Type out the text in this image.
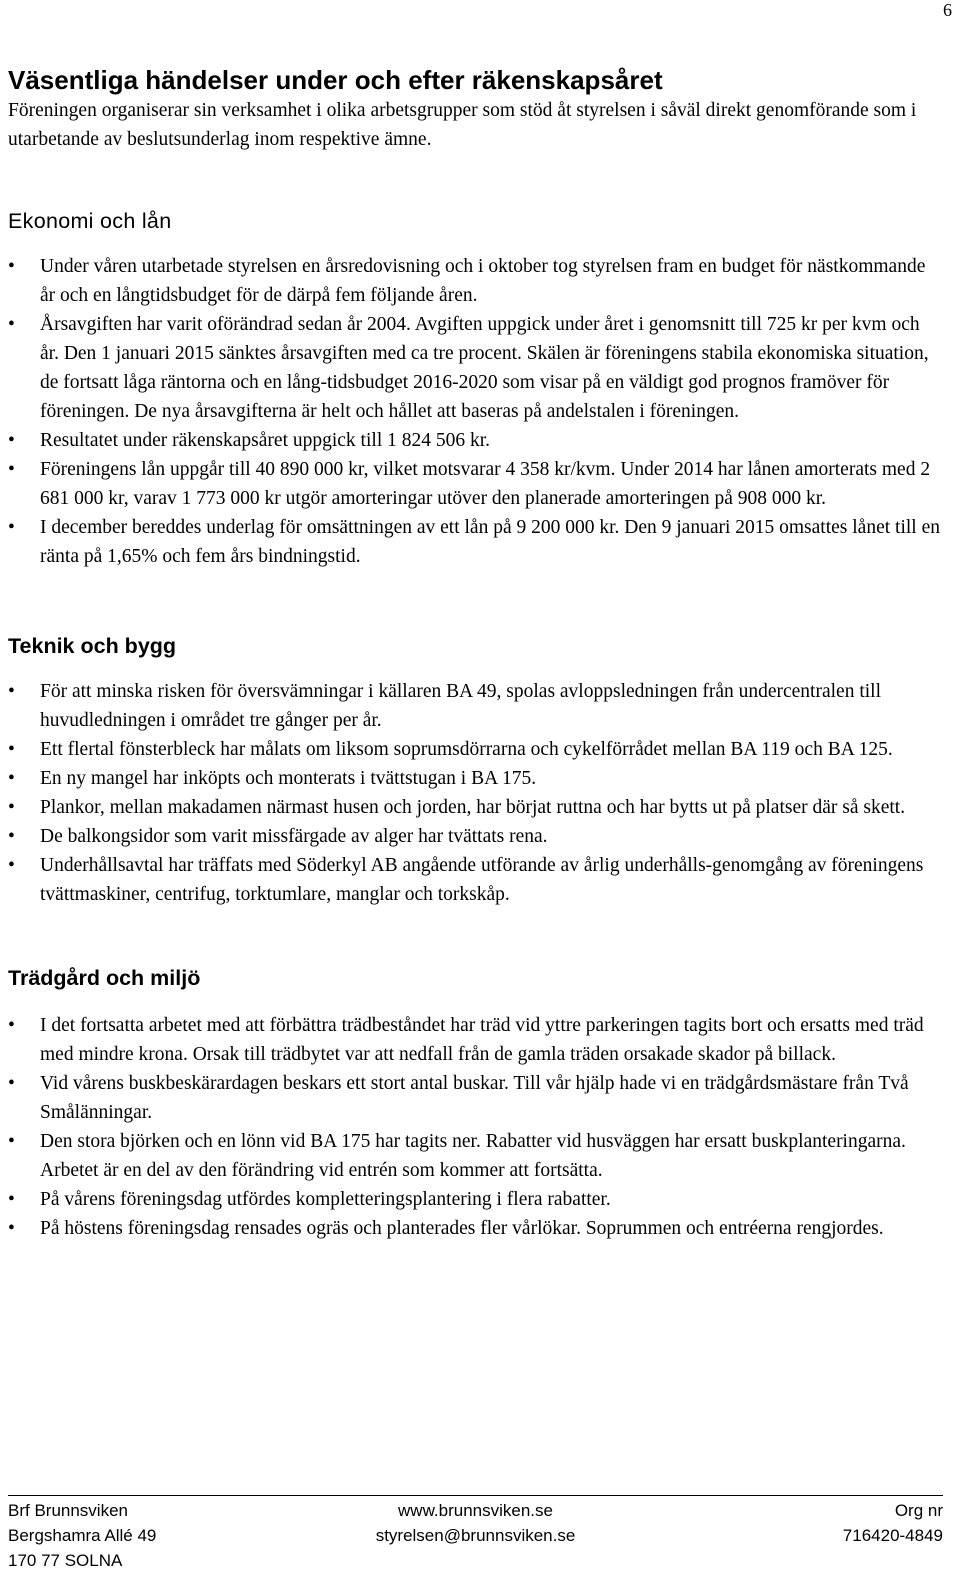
6
Väsentliga händelser under och efter räkenskapsåret

Föreningen organiserar sin verksamhet i olika arbetsgrupper som stöd åt styrelsen i såväl direkt genomförande som i utarbetande av beslutsunderlag inom respektive ämne.

Ekonomi och lån
• Under våren utarbetade styrelsen en årsredovisning och i oktober tog styrelsen fram en budget för nästkommande år och en långtidsbudget för de därpå fem följande åren.
• Årsavgiften har varit oförändrad sedan år 2004. Avgiften uppgick under året i genomsnitt till 725 kr per kvm och år. Den 1 januari 2015 sänktes årsavgiften med ca tre procent. Skälen är föreningens stabila ekonomiska situation, de fortsatt låga räntorna och en lång-tidsbudget 2016-2020 som visar på en väldigt god prognos framöver för föreningen. De nya årsavgifterna är helt och hållet att baseras på andelstalen i föreningen.
• Resultatet under räkenskapsåret uppgick till 1 824 506 kr.
• Föreningens lån uppgår till 40 890 000 kr, vilket motsvarar 4 358 kr/kvm. Under 2014 har lånen amorterats med 2 681 000 kr, varav 1 773 000 kr utgör amorteringar utöver den planerade amorteringen på 908 000 kr.
• I december bereddes underlag för omsättningen av ett lån på 9 200 000 kr. Den 9 januari 2015 omsattes lånet till en ränta på 1,65% och fem års bindningstid.
Teknik och bygg
• För att minska risken för översvämningar i källaren BA 49, spolas avloppsledningen från undercentralen till huvudledningen i området tre gånger per år.
• Ett flertal fönsterbleck har målats om liksom soprumsdörrarna och cykelförrådet mellan BA 119 och BA 125.
• En ny mangel har inköpts och monterats i tvättstugan i BA 175.
• Plankor, mellan makadamen närmast husen och jorden, har börjat ruttna och har bytts ut på platser där så skett.
• De balkongsidor som varit missfärgade av alger har tvättats rena.
• Underhållsavtal har träffats med Söderkyl AB angående utförande av årlig underhålls-genomgång av föreningens tvättmaskiner, centrifug, torktumlare, manglar och torkskåp.
Trädgård och miljö
• I det fortsatta arbetet med att förbättra trädbeståndet har träd vid yttre parkeringen tagits bort och ersatts med träd med mindre krona. Orsak till trädbytet var att nedfall från de gamla träden orsakade skador på billack.
• Vid vårens buskbeskärardagen beskars ett stort antal buskar. Till vår hjälp hade vi en trädgårdsmästare från Två Smålänningar.
• Den stora björken och en lönn vid BA 175 har tagits ner. Rabatter vid husväggen har ersatt buskplanteringarna. Arbetet är en del av den förändring vid entrén som kommer att fortsätta.
• På vårens föreningsdag utfördes kompletteringsplantering i flera rabatter.
• På höstens föreningsdag rensades ogräs och planterades fler vårlökar. Soprummen och entréerna rengjordes.
Brf Brunnsviken	www.brunnsviken.se	Org nr
Bergshamra Allé 49	styrelsen@brunnsviken.se	716420-4849
170 77 SOLNA
